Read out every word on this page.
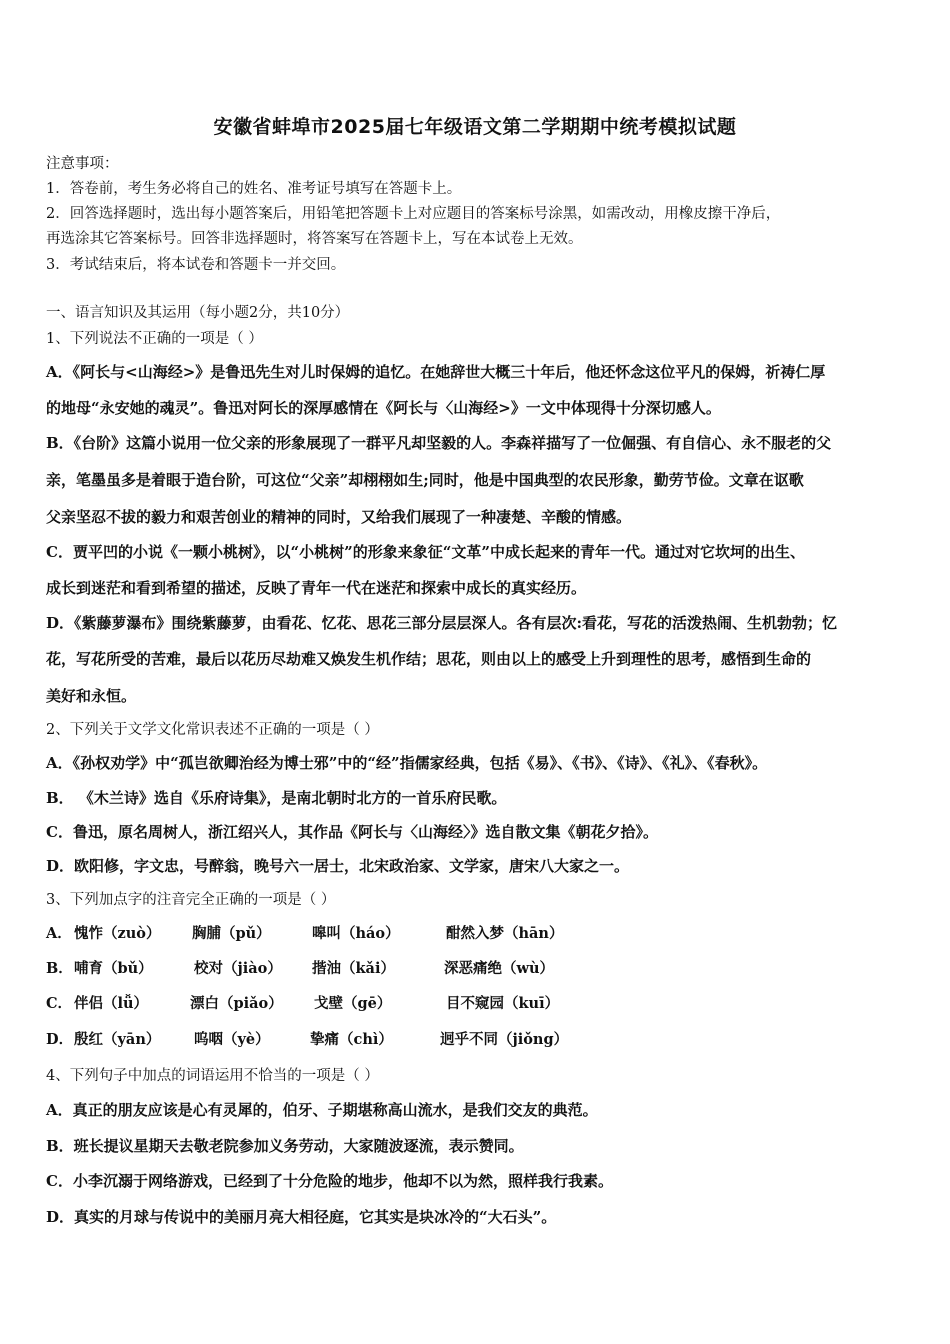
安徽省蚌埠市2025届七年级语文第二学期期中统考模拟试题
注意事项：
1．答卷前，考生务必将自己的姓名、准考证号填写在答题卡上。
2．回答选择题时，选出每小题答案后，用铅笔把答题卡上对应题目的答案标号涂黑，如需改动，用橡皮擦干净后，
再选涂其它答案标号。回答非选择题时，将答案写在答题卡上，写在本试卷上无效。
3．考试结束后，将本试卷和答题卡一并交回。
一、语言知识及其运用（每小题2分，共10分）
1、下列说法不正确的一项是（ ）
A．《阿长与<山海经>》是鲁迅先生对儿时保姆的追忆。在她辞世大概三十年后，他还怀念这位平凡的保姆，祈祷仁厚
的地母“永安她的魂灵”。鲁迅对阿长的深厚感情在《阿长与〈山海经>》一文中体现得十分深切感人。
B．《台阶》这篇小说用一位父亲的形象展现了一群平凡却坚毅的人。李森祥描写了一位倔强、有自信心、永不服老的父
亲，笔墨虽多是着眼于造台阶，可这位“父亲”却栩栩如生;同时，他是中国典型的农民形象，勤劳节俭。文章在讴歌
父亲坚忍不拔的毅力和艰苦创业的精神的同时，又给我们展现了一种凄楚、辛酸的情感。
C．贾平凹的小说《一颗小桃树》，以“小桃树”的形象来象征“文革”中成长起来的青年一代。通过对它坎坷的出生、
成长到迷茫和看到希望的描述，反映了青年一代在迷茫和探索中成长的真实经历。
D．《紫藤萝瀑布》围绕紫藤萝，由看花、忆花、思花三部分层层深人。各有层次:看花，写花的活泼热闹、生机勃勃；忆
花，写花所受的苦难，最后以花历尽劫难又焕发生机作结；思花，则由以上的感受上升到理性的思考，感悟到生命的
美好和永恒。
2、下列关于文学文化常识表述不正确的一项是（ ）
A．《孙权劝学》中“孤岂欲卿治经为博士邪”中的“经”指儒家经典，包括《易》、《书》、《诗》、《礼》、《春秋》。
B． 《木兰诗》选自《乐府诗集》，是南北朝时北方的一首乐府民歌。
C．鲁迅，原名周树人，浙江绍兴人，其作品《阿长与〈山海经〉》选自散文集《朝花夕拾》。
D．欧阳修，字文忠，号醉翁，晚号六一居士，北宋政治家、文学家，唐宋八大家之一。
3、下列加点字的注音完全正确的一项是（ ）
A． 愧怍（zuò） 胸脯（pǔ）	嗥叫（háo）	酣然入梦（hān）
B． 哺育（bǔ）	校对（jiào） 揩油（kǎi）	深恶痛绝（wù）
C． 伴侣（lǚ）	漂白（piǎo） 戈壁（gē）	目不窥园（kuī）
D． 殷红（yān） 呜咽（yè）	挚痛（chì）	迥乎不同（jiǒng）
4、下列句子中加点的词语运用不恰当的一项是（ ）
A．真正的朋友应该是心有灵犀的，伯牙、子期堪称高山流水，是我们交友的典范。
B．班长提议星期天去敬老院参加义务劳动，大家随波逐流，表示赞同。
C．小李沉溺于网络游戏，已经到了十分危险的地步，他却不以为然，照样我行我素。
D．真实的月球与传说中的美丽月亮大相径庭，它其实是块冰冷的“大石头”。
